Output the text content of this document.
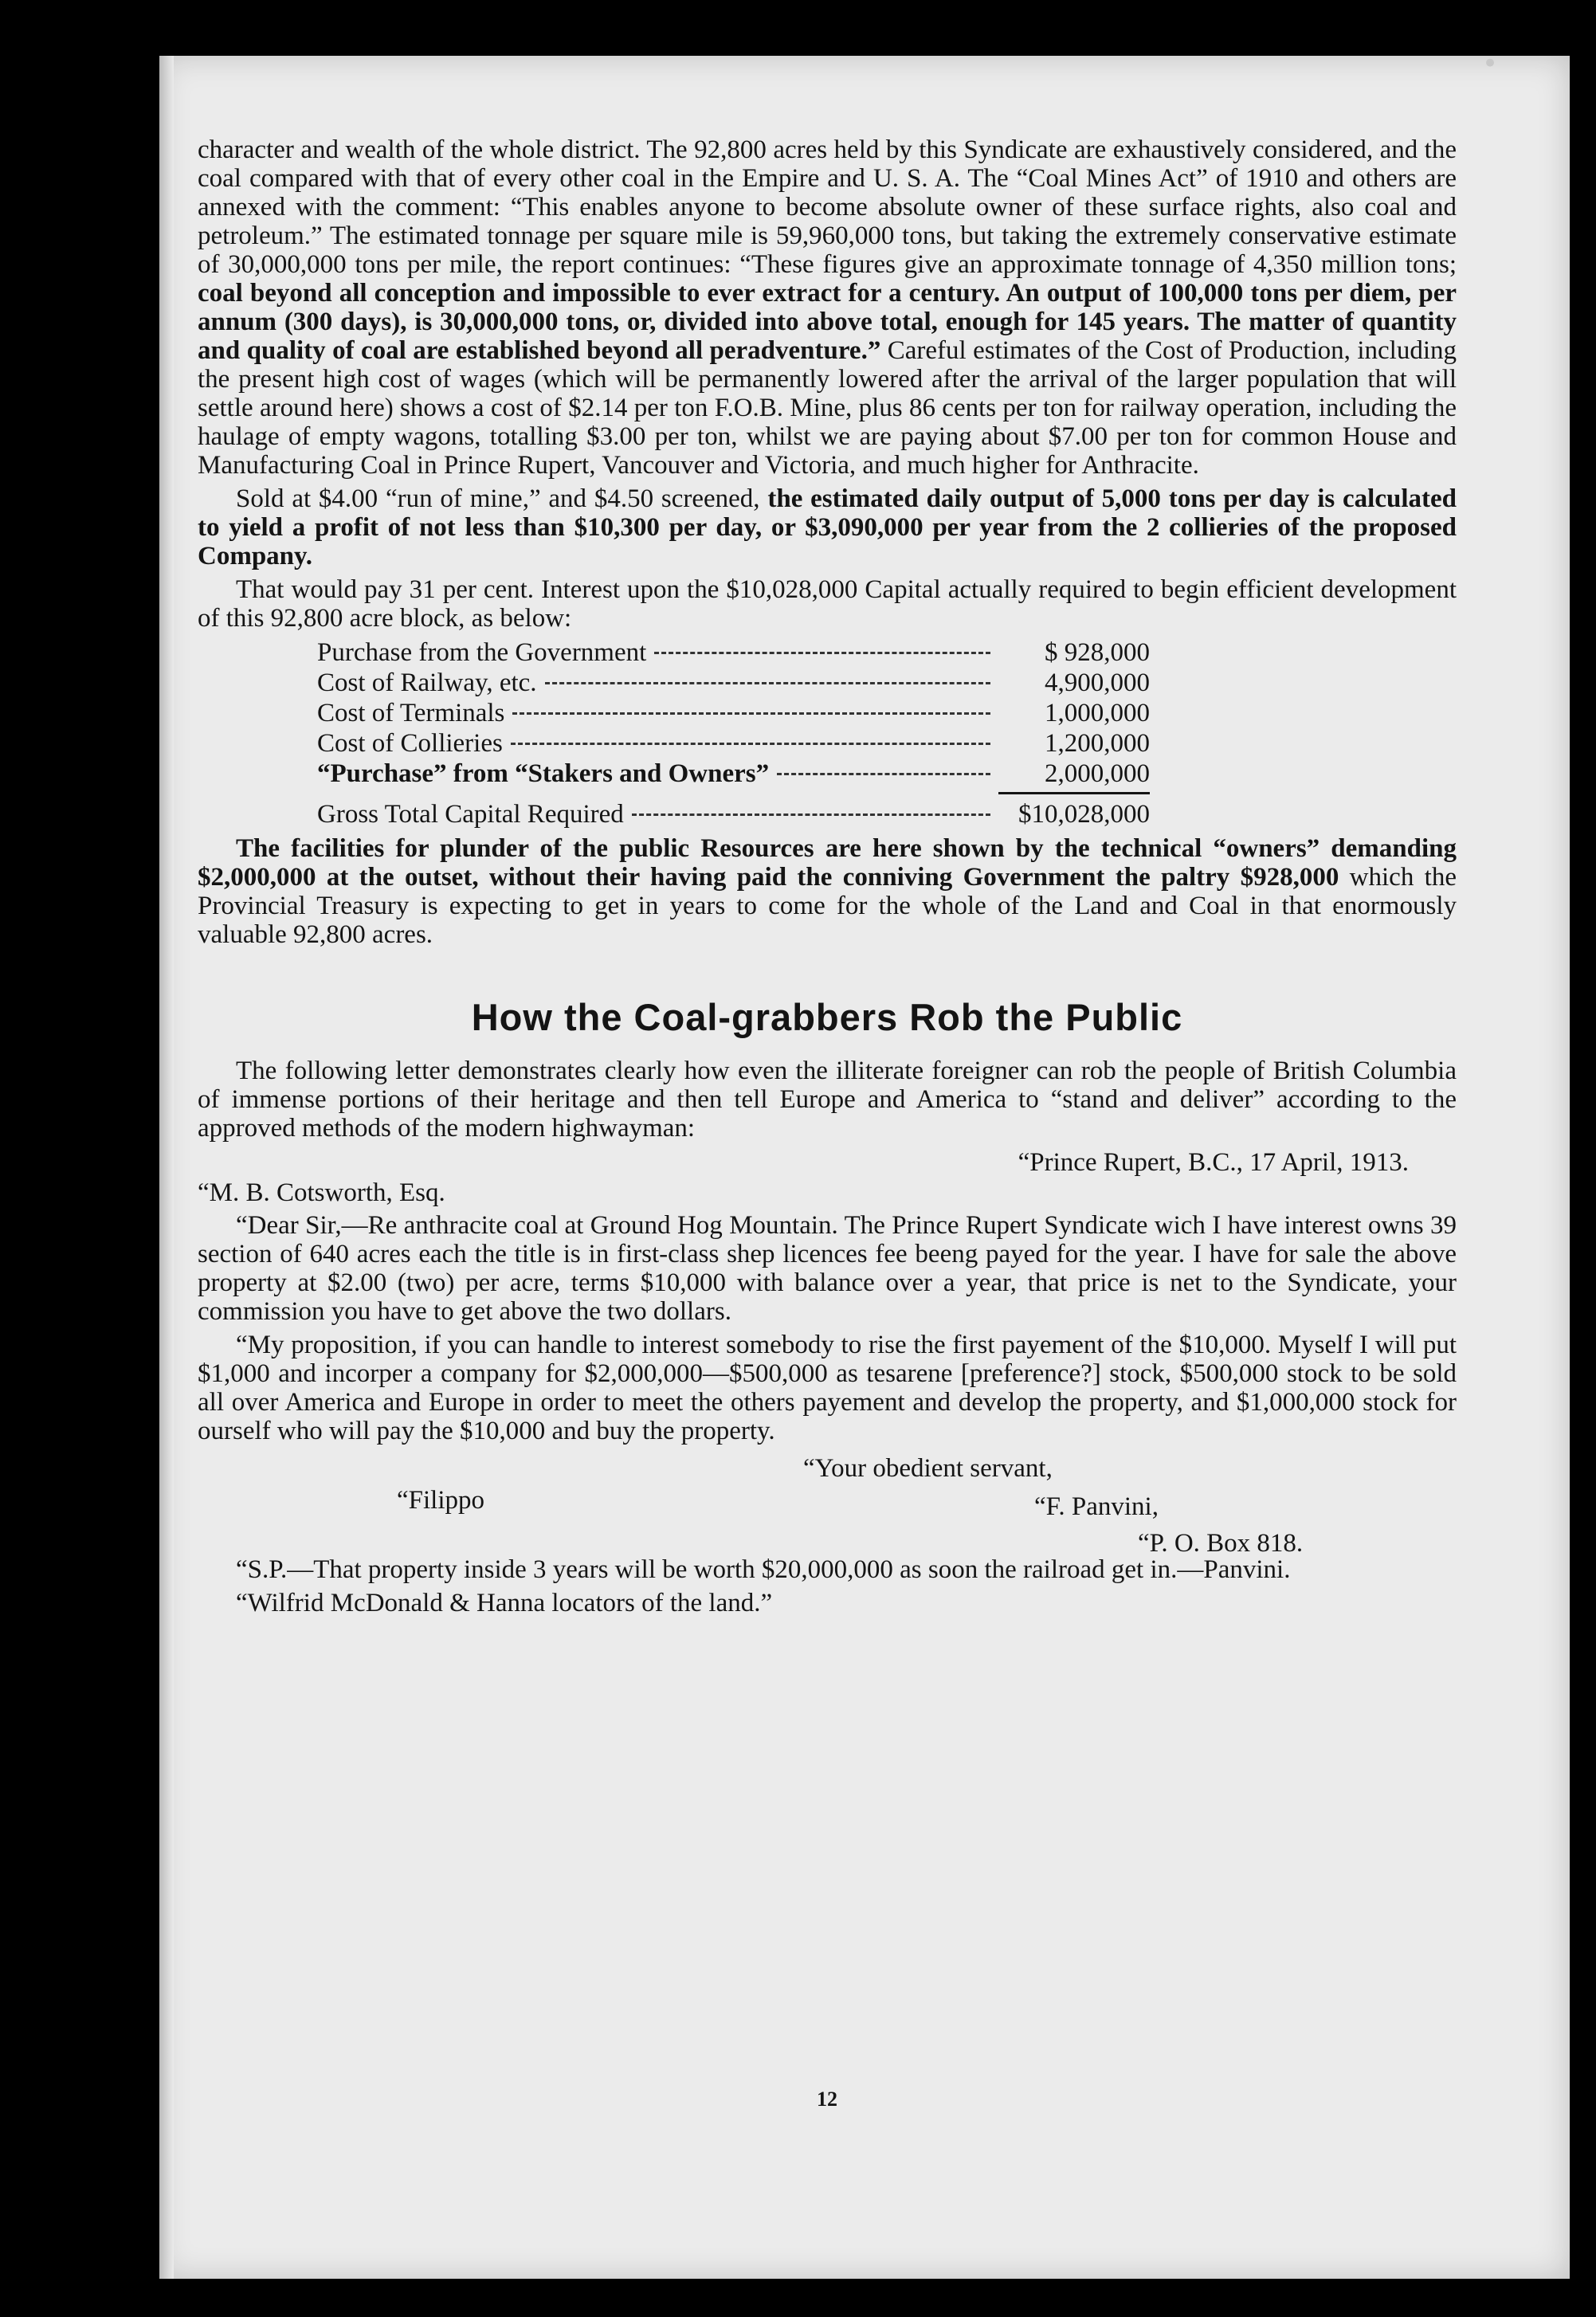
•

character and wealth of the whole district. The 92,800 acres held by this Syndicate are exhaustively considered, and the coal compared with that of every other coal in the Empire and U. S. A. The “Coal Mines Act” of 1910 and others are annexed with the comment: “This enables anyone to become absolute owner of these surface rights, also coal and petroleum.” The estimated tonnage per square mile is 59,960,000 tons, but taking the extremely conservative estimate of 30,000,000 tons per mile, the report continues: “These figures give an approximate tonnage of 4,350 million tons; coal beyond all conception and impossible to ever extract for a century. An output of 100,000 tons per diem, per annum (300 days), is 30,000,000 tons, or, divided into above total, enough for 145 years. The matter of quantity and quality of coal are established beyond all peradventure.” Careful estimates of the Cost of Production, including the present high cost of wages (which will be permanently lowered after the arrival of the larger population that will settle around here) shows a cost of $2.14 per ton F.O.B. Mine, plus 86 cents per ton for railway operation, including the haulage of empty wagons, totalling $3.00 per ton, whilst we are paying about $7.00 per ton for common House and Manufacturing Coal in Prince Rupert, Vancouver and Victoria, and much higher for Anthracite.

Sold at $4.00 “run of mine,” and $4.50 screened, the estimated daily output of 5,000 tons per day is calculated to yield a profit of not less than $10,300 per day, or $3,090,000 per year from the 2 collieries of the proposed Company.

That would pay 31 per cent. Interest upon the $10,028,000 Capital actually required to begin efficient development of this 92,800 acre block, as below:

Purchase from the Government	$ 928,000
Cost of Railway, etc.	4,900,000
Cost of Terminals	1,000,000
Cost of Collieries	1,200,000
“Purchase” from “Stakers and Owners”	2,000,000
Gross Total Capital Required	$10,028,000

The facilities for plunder of the public Resources are here shown by the technical “owners” demanding $2,000,000 at the outset, without their having paid the conniving Government the paltry $928,000 which the Provincial Treasury is expecting to get in years to come for the whole of the Land and Coal in that enormously valuable 92,800 acres.

How the Coal-grabbers Rob the Public

The following letter demonstrates clearly how even the illiterate foreigner can rob the people of British Columbia of immense portions of their heritage and then tell Europe and America to “stand and deliver” according to the approved methods of the modern highwayman:

“Prince Rupert, B.C., 17 April, 1913.
“M. B. Cotsworth, Esq.

“Dear Sir,—Re anthracite coal at Ground Hog Mountain. The Prince Rupert Syndicate wich I have interest owns 39 section of 640 acres each the title is in first-class shep licences fee beeng payed for the year. I have for sale the above property at $2.00 (two) per acre, terms $10,000 with balance over a year, that price is net to the Syndicate, your commission you have to get above the two dollars.

“My proposition, if you can handle to interest somebody to rise the first payement of the $10,000. Myself I will put $1,000 and incorper a company for $2,000,000—$500,000 as tesarene [preference?] stock, $500,000 stock to be sold all over America and Europe in order to meet the others payement and develop the property, and $1,000,000 stock for ourself who will pay the $10,000 and buy the property.

“Your obedient servant,
“Filippo	“F. Panvini,
“P. O. Box 818.

“S.P.—That property inside 3 years will be worth $20,000,000 as soon the railroad get in.—Panvini.

“Wilfrid McDonald & Hanna locators of the land.”

12
